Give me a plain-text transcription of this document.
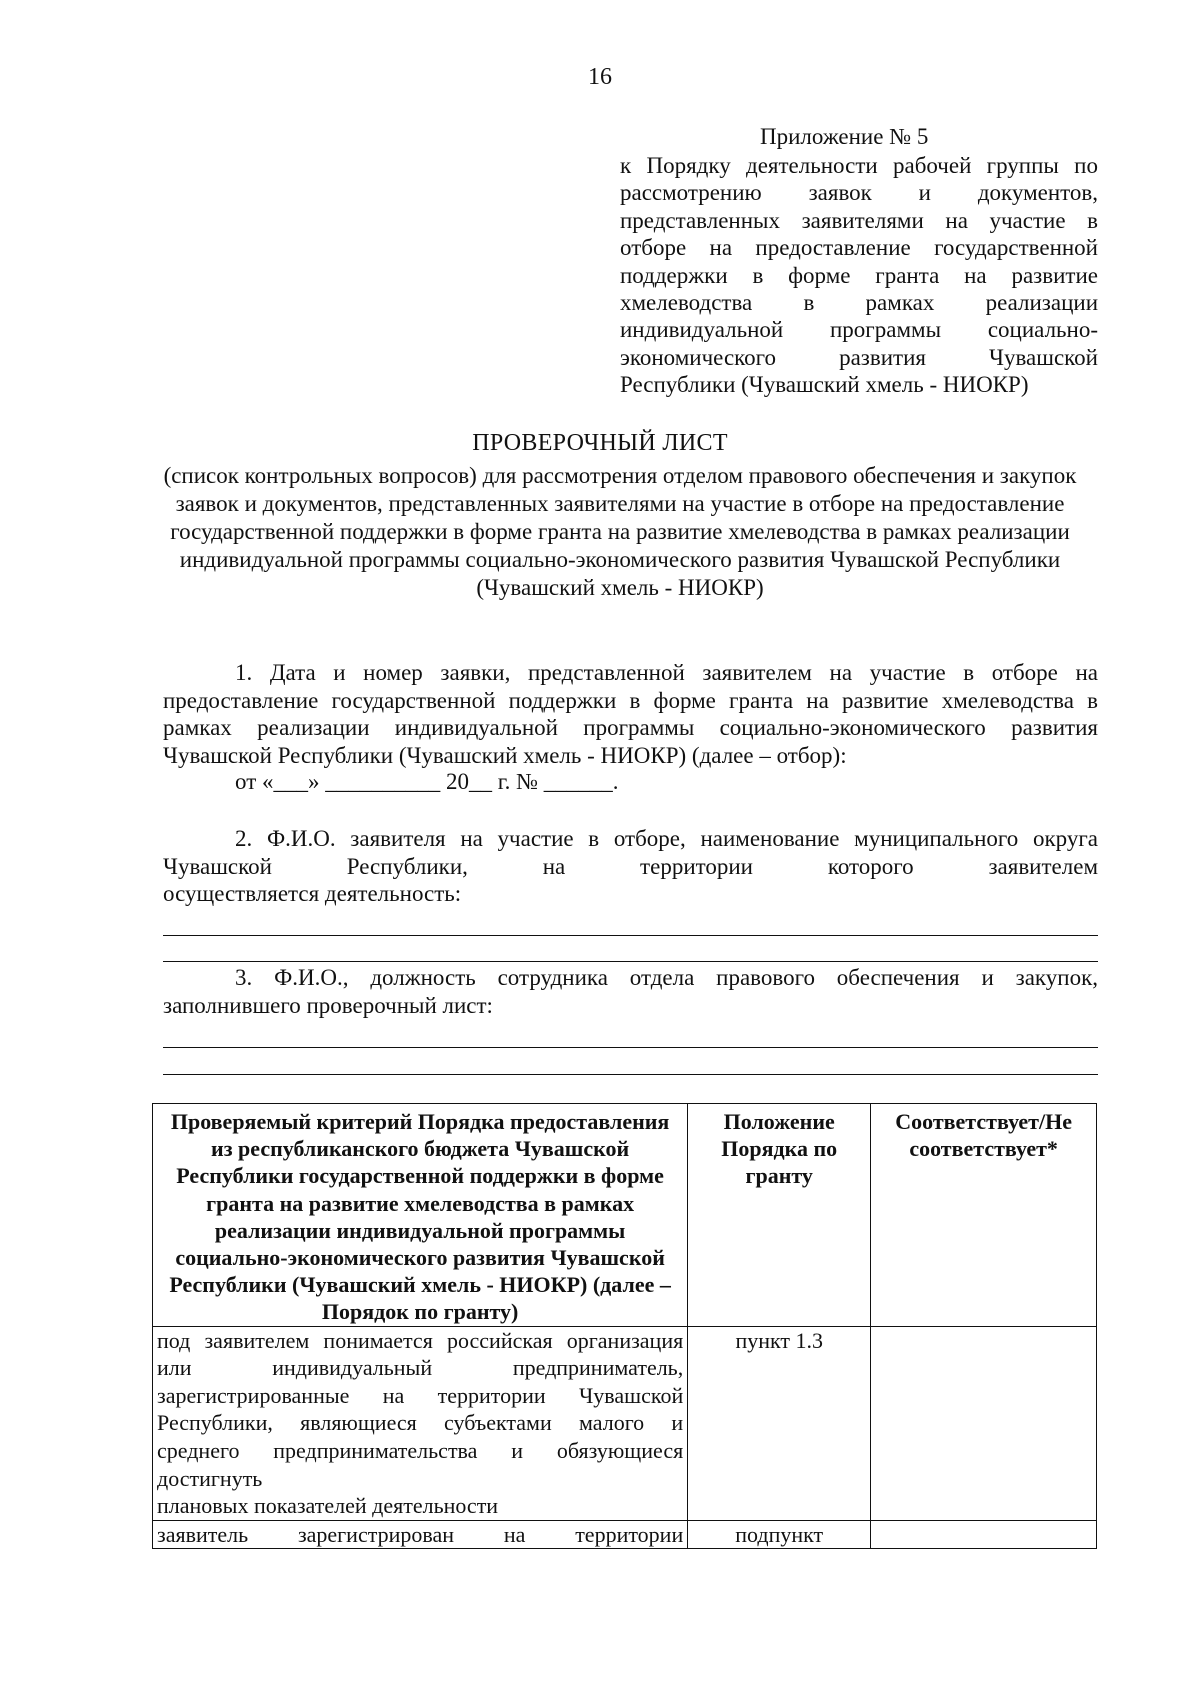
16
Приложение № 5
к Порядку деятельности рабочей группы по рассмотрению заявок и документов, представленных заявителями на участие в отборе на предоставление государственной поддержки в форме гранта на развитие хмелеводства в рамках реализации индивидуальной программы социально-экономического развития Чувашской Республики (Чувашский хмель - НИОКР)
ПРОВЕРОЧНЫЙ ЛИСТ
(список контрольных вопросов) для рассмотрения отделом правового обеспечения и закупок заявок и документов, представленных заявителями на участие в отборе на предоставление государственной поддержки в форме гранта на развитие хмелеводства в рамках реализации индивидуальной программы социально-экономического развития Чувашской Республики (Чувашский хмель - НИОКР)
1. Дата и номер заявки, представленной заявителем на участие в отборе на предоставление государственной поддержки в форме гранта на развитие хмелеводства в рамках реализации индивидуальной программы социально-экономического развития Чувашской Республики (Чувашский хмель - НИОКР) (далее – отбор):
от «___» __________ 20__ г. № ______.
2. Ф.И.О. заявителя на участие в отборе, наименование муниципального округа
Чувашской Республики, на территории которого заявителем
осуществляется деятельность:
3. Ф.И.О., должность сотрудника отдела правового обеспечения и закупок, заполнившего проверочный лист:
Проверяемый критерий Порядка предоставления из республиканского бюджета Чувашской Республики государственной поддержки в форме гранта на развитие хмелеводства в рамках реализации индивидуальной программы социально-экономического развития Чувашской Республики (Чувашский хмель - НИОКР) (далее – Порядок по гранту)	Положение Порядка по гранту	Соответствует/Не соответствует*
под заявителем понимается российская организация или индивидуальный предприниматель, зарегистрированные на территории Чувашской Республики, являющиеся субъектами малого и среднего предпринимательства и обязующиеся достигнуть
плановых показателей деятельности	пункт 1.3	
заявитель зарегистрирован на территории	подпункт	
